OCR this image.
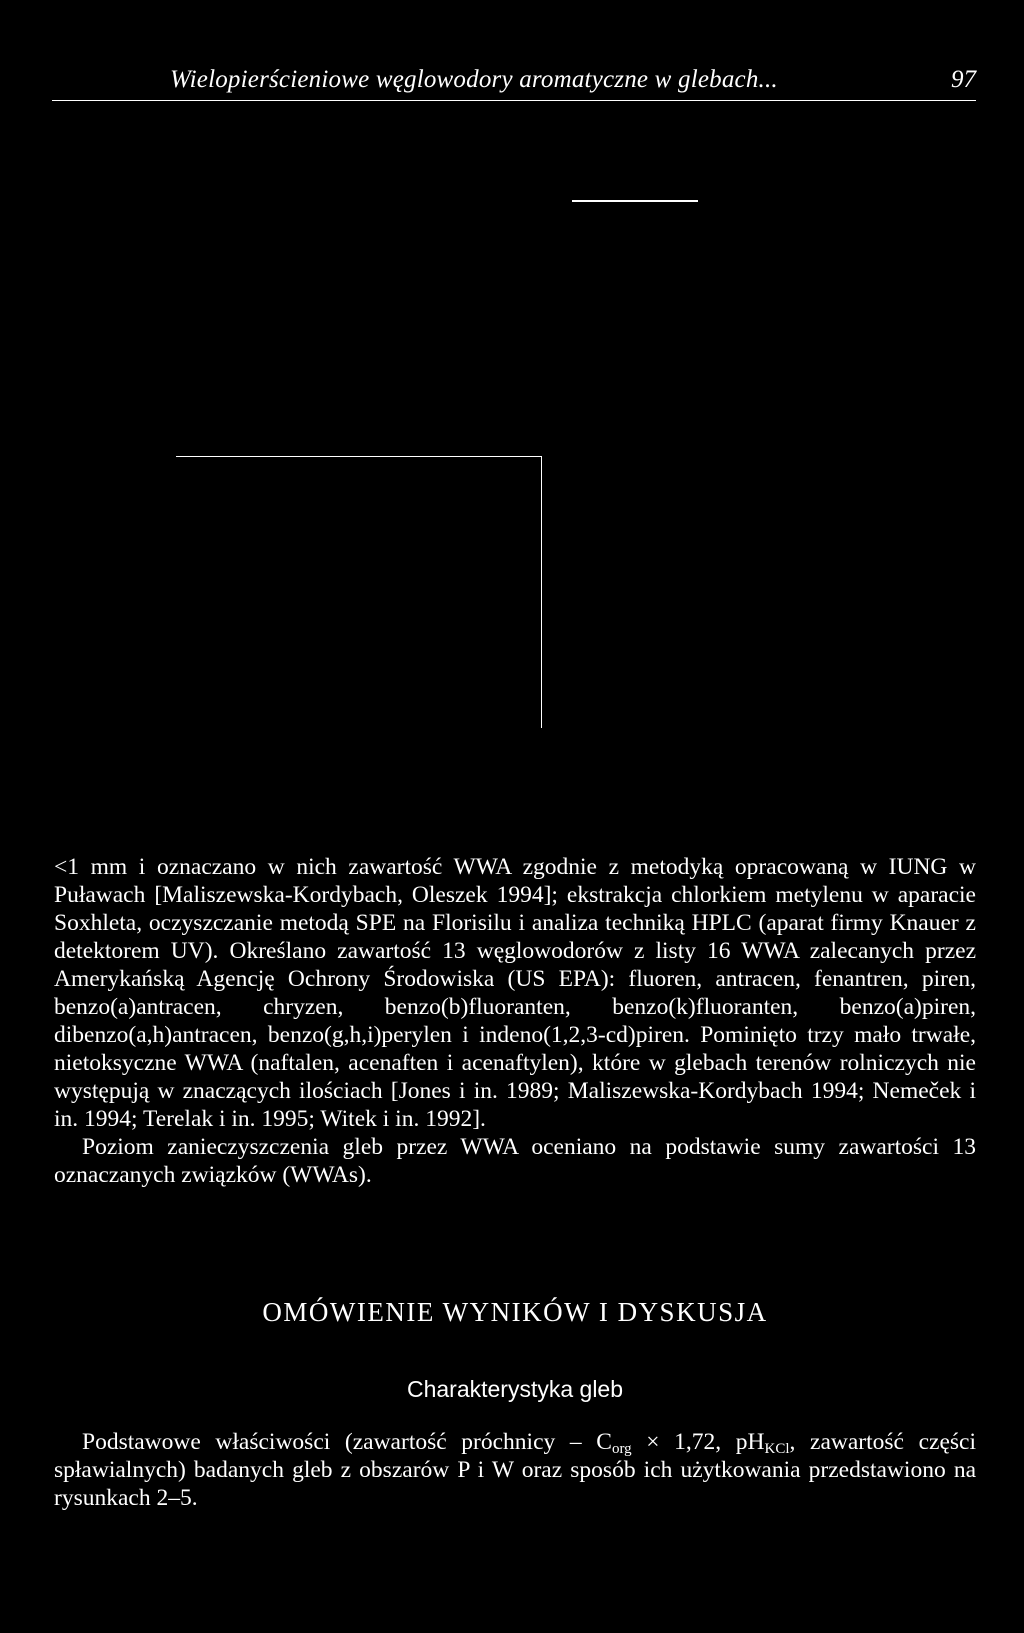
Wielopierścieniowe węglowodory aromatyczne w glebach...	97

<1 mm i oznaczano w nich zawartość WWA zgodnie z metodyką opracowaną w IUNG w Puławach [Maliszewska-Kordybach, Oleszek 1994]; ekstrakcja chlorkiem metylenu w aparacie Soxhleta, oczyszczanie metodą SPE na Florisilu i analiza techniką HPLC (aparat firmy Knauer z detektorem UV). Określano zawartość 13 węglowodorów z listy 16 WWA zalecanych przez Amerykańską Agencję Ochrony Środowiska (US EPA): fluoren, antracen, fenantren, piren, benzo(a)antracen, chryzen, benzo(b)fluoranten, benzo(k)fluoranten, benzo(a)piren, dibenzo(a,h)antracen, benzo(g,h,i)perylen i indeno(1,2,3-cd)piren. Pominięto trzy mało trwałe, nietoksyczne WWA (naftalen, acenaften i acenaftylen), które w glebach terenów rolniczych nie występują w znaczących ilościach [Jones i in. 1989; Maliszewska-Kordybach 1994; Nemeček i in. 1994; Terelak i in. 1995; Witek i in. 1992].

Poziom zanieczyszczenia gleb przez WWA oceniano na podstawie sumy zawartości 13 oznaczanych związków (WWAs).

OMÓWIENIE WYNIKÓW I DYSKUSJA
Charakterystyka gleb

Podstawowe właściwości (zawartość próchnicy – $C_{org} \times 1,72$, $pH_{KCl}$, zawartość części spławialnych) badanych gleb z obszarów P i W oraz sposób ich użytkowania przedstawiono na rysunkach 2–5.
